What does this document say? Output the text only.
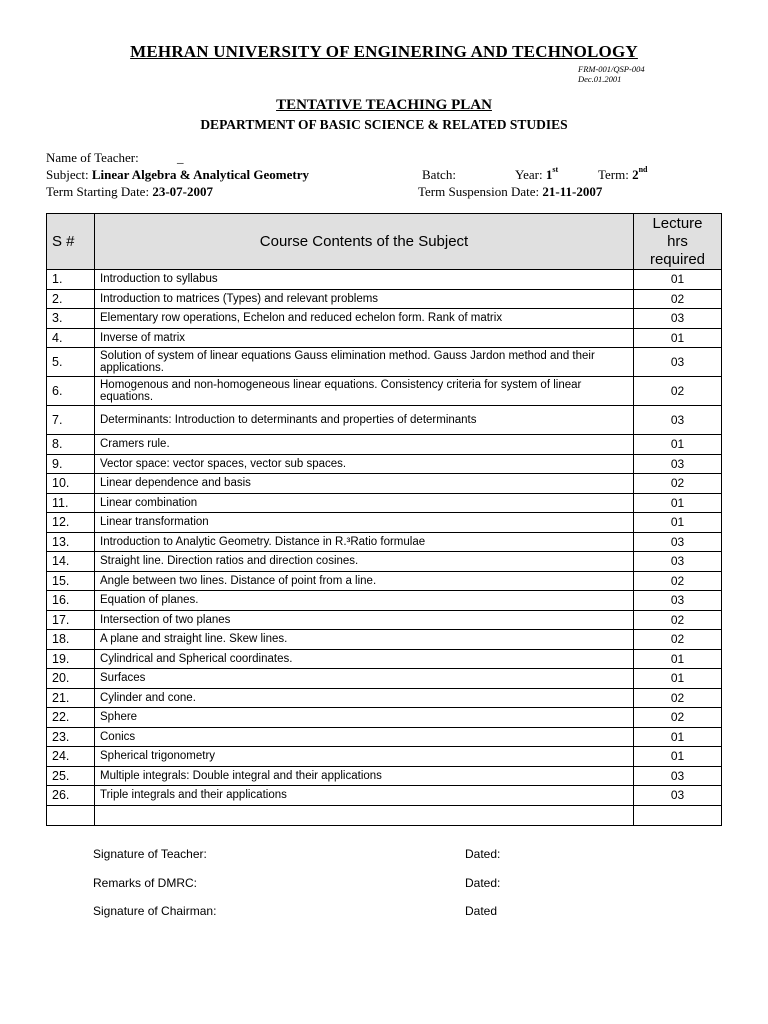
MEHRAN UNIVERSITY OF ENGINERING AND TECHNOLOGY
FRM-001/QSP-004
Dec.01.2001
TENTATIVE TEACHING PLAN
DEPARTMENT OF BASIC SCIENCE & RELATED STUDIES
Name of Teacher:	_
Subject: Linear Algebra & Analytical Geometry	Batch:	Year: 1st	Term: 2nd
Term Starting Date: 23-07-2007	Term Suspension Date: 21-11-2007
S #	Course Contents of the Subject	Lecture
hrs
required

1.	Introduction to syllabus	01
2.	Introduction to matrices (Types) and relevant problems	02
3.	Elementary row operations, Echelon and reduced echelon form. Rank of matrix	03
4.	Inverse of matrix	01
5.	Solution of system of linear equations Gauss elimination method. Gauss Jardon method and their applications.	03
6.	Homogenous and non-homogeneous linear equations. Consistency criteria for system of linear equations.	02
7.	Determinants: Introduction to determinants and properties of determinants	03
8.	Cramers rule.	01
9.	Vector space: vector spaces, vector sub spaces.	03
10.	Linear dependence and basis	02
11.	Linear combination	01
12.	Linear transformation	01
13.	Introduction to Analytic Geometry. Distance in R.³Ratio formulae	03
14.	Straight line. Direction ratios and direction cosines.	03
15.	Angle between two lines. Distance of point from a line.	02
16.	Equation of planes.	03
17.	Intersection of two planes	02
18.	A plane and straight line. Skew lines.	02
19.	Cylindrical and Spherical coordinates.	01
20.	Surfaces	01
21.	Cylinder and cone.	02
22.	Sphere	02
23.	Conics	01
24.	Spherical trigonometry	01
25.	Multiple integrals: Double integral and their applications	03
26.	Triple integrals and their applications	03

Signature of Teacher:	Dated:
Remarks of DMRC:	Dated:
Signature of Chairman:	Dated
